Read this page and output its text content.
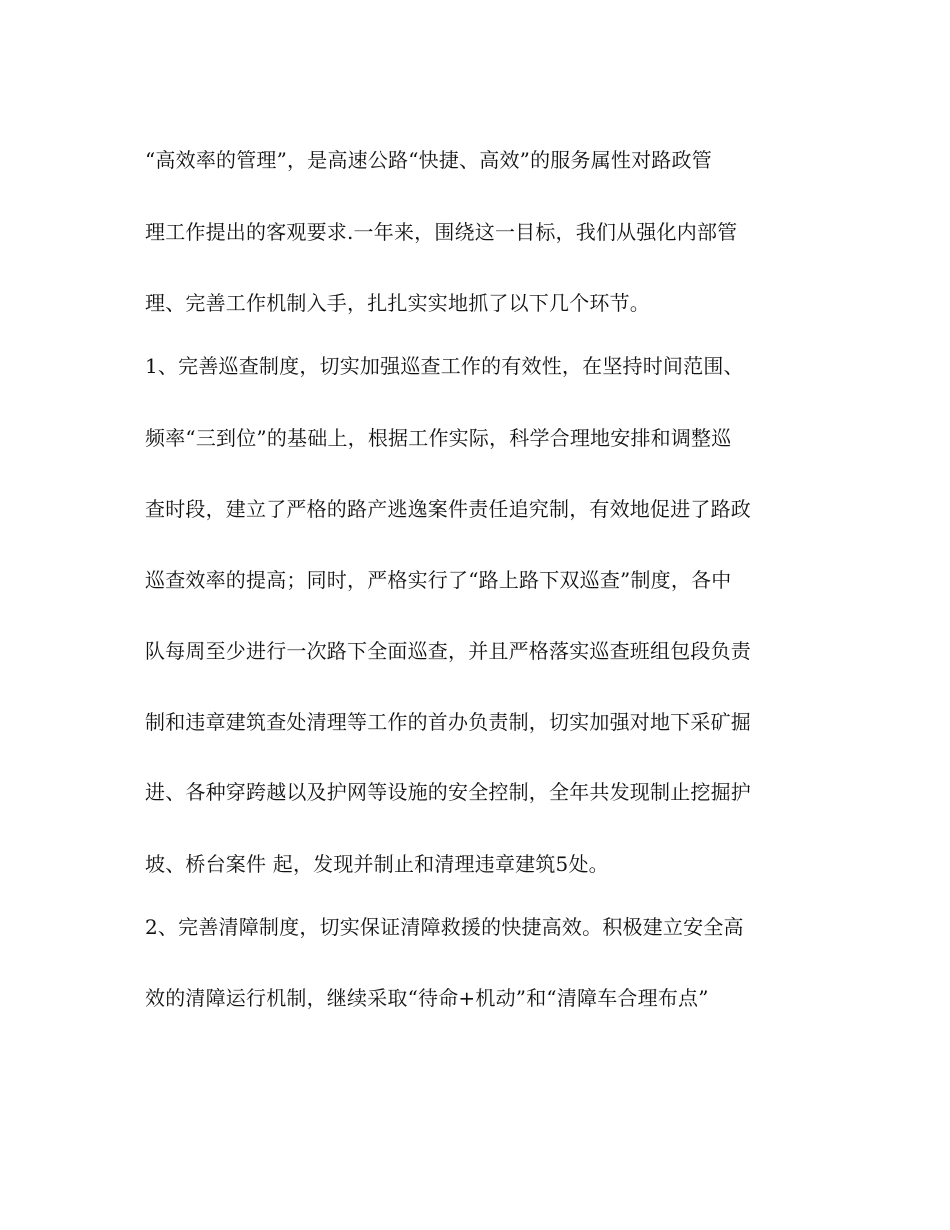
“高效率的管理”，是高速公路“快捷、高效”的服务属性对路政管
理工作提出的客观要求.一年来，围绕这一目标，我们从强化内部管
理、完善工作机制入手，扎扎实实地抓了以下几个环节。
1、完善巡查制度，切实加强巡查工作的有效性，在坚持时间范围、
频率“三到位”的基础上，根据工作实际，科学合理地安排和调整巡
查时段，建立了严格的路产逃逸案件责任追究制，有效地促进了路政
巡查效率的提高；同时，严格实行了“路上路下双巡查”制度，各中
队每周至少进行一次路下全面巡查，并且严格落实巡查班组包段负责
制和违章建筑查处清理等工作的首办负责制，切实加强对地下采矿掘
进、各种穿跨越以及护网等设施的安全控制，全年共发现制止挖掘护
坡、桥台案件 起，发现并制止和清理违章建筑5处。
2、完善清障制度，切实保证清障救援的快捷高效。积极建立安全高
效的清障运行机制，继续采取“待命+机动”和“清障车合理布点”
